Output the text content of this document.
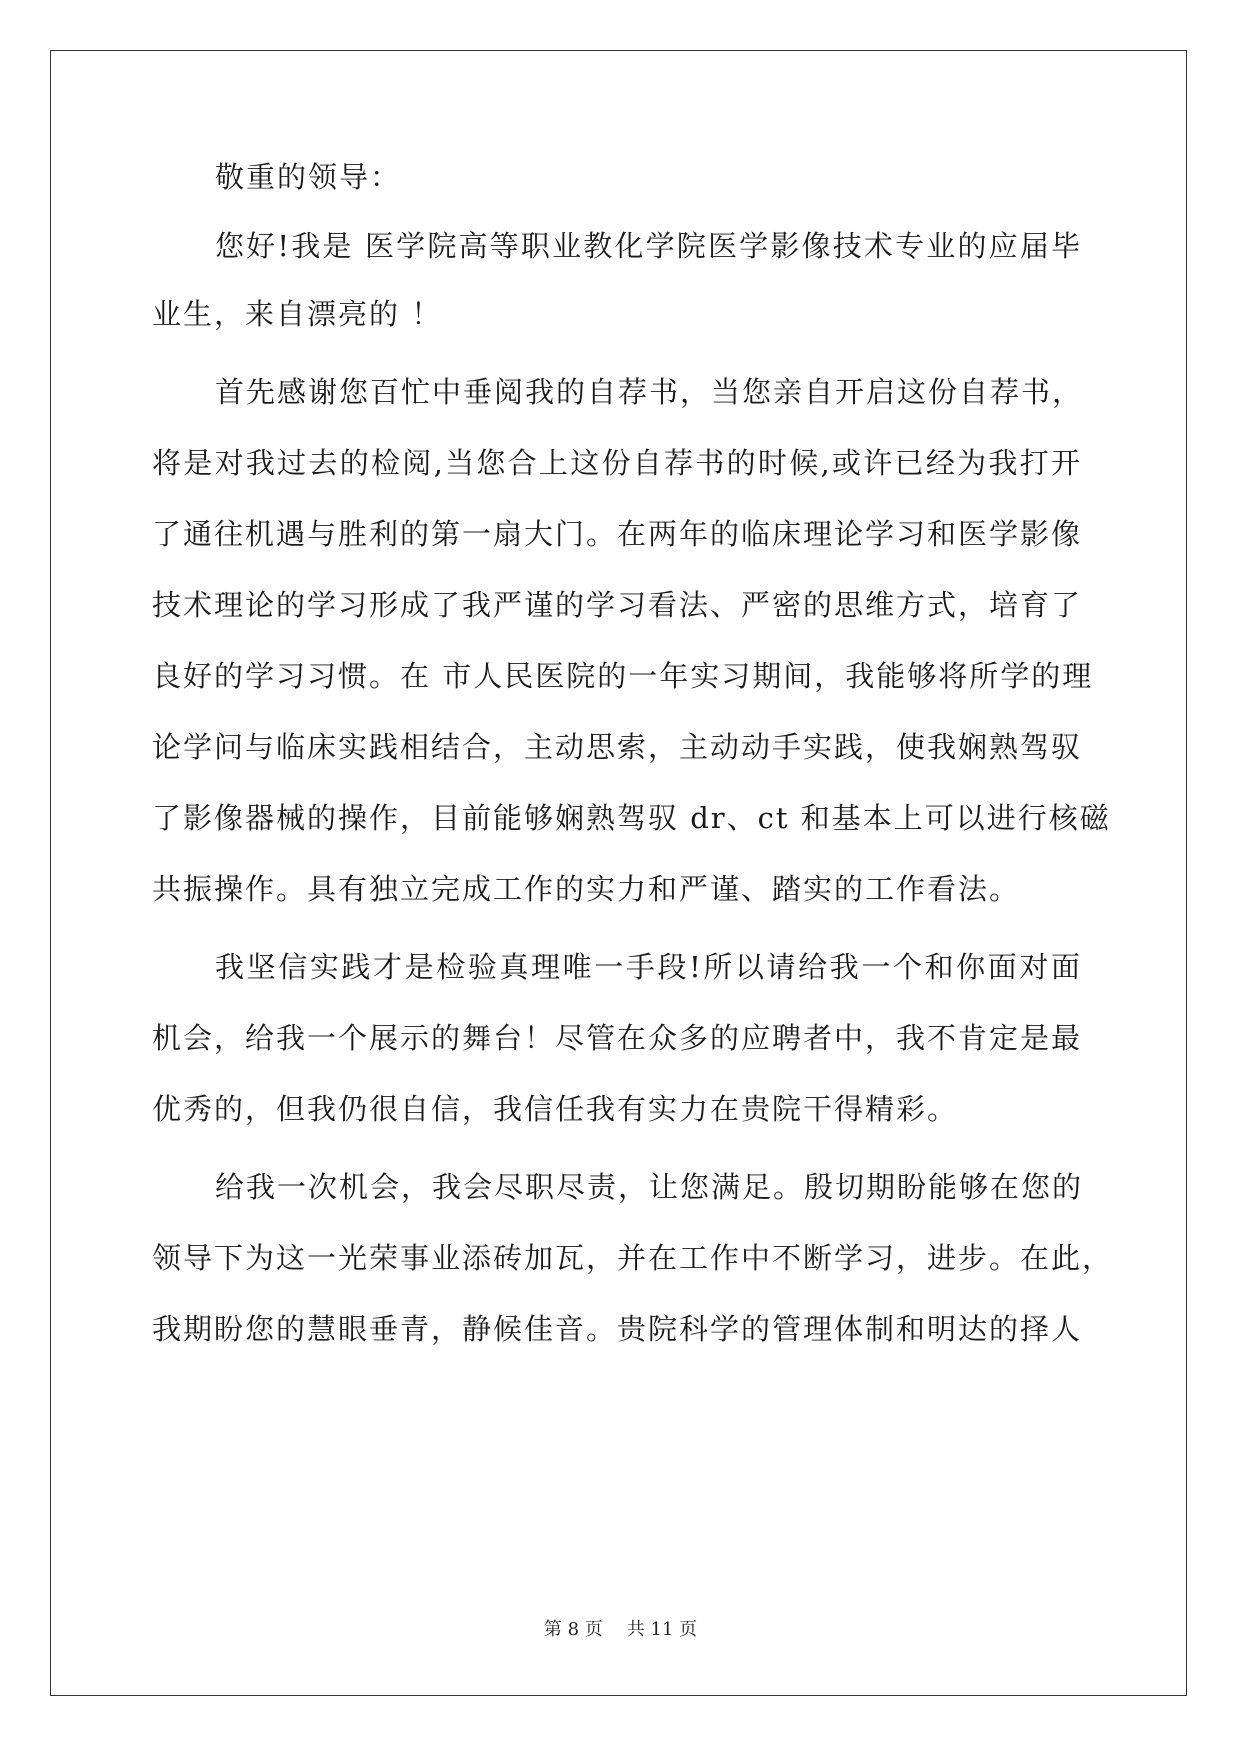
敬重的领导：
您好!我是 医学院高等职业教化学院医学影像技术专业的应届毕
业生，来自漂亮的 ！
首先感谢您百忙中垂阅我的自荐书，当您亲自开启这份自荐书，
将是对我过去的检阅,当您合上这份自荐书的时候,或许已经为我打开
了通往机遇与胜利的第一扇大门。在两年的临床理论学习和医学影像
技术理论的学习形成了我严谨的学习看法、严密的思维方式，培育了
良好的学习习惯。在 市人民医院的一年实习期间，我能够将所学的理
论学问与临床实践相结合，主动思索，主动动手实践，使我娴熟驾驭
了影像器械的操作，目前能够娴熟驾驭 dr、ct 和基本上可以进行核磁
共振操作。具有独立完成工作的实力和严谨、踏实的工作看法。
我坚信实践才是检验真理唯一手段!所以请给我一个和你面对面
机会，给我一个展示的舞台！尽管在众多的应聘者中，我不肯定是最
优秀的，但我仍很自信，我信任我有实力在贵院干得精彩。
给我一次机会，我会尽职尽责，让您满足。殷切期盼能够在您的
领导下为这一光荣事业添砖加瓦，并在工作中不断学习，进步。在此，
我期盼您的慧眼垂青，静候佳音。贵院科学的管理体制和明达的择人
第 8 页 共 11 页
